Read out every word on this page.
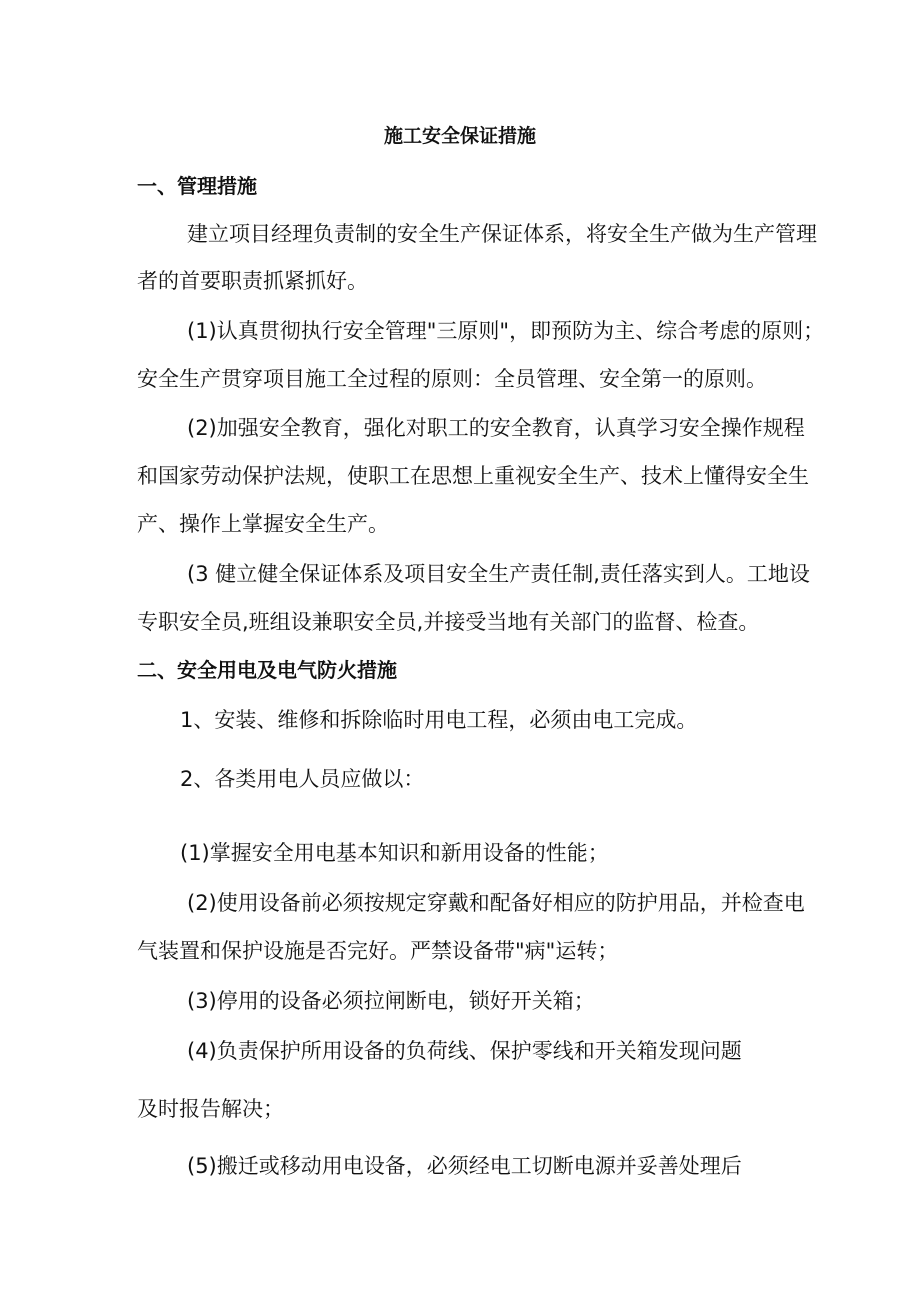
施工安全保证措施
一、管理措施
建立项目经理负责制的安全生产保证体系，将安全生产做为生产管理
者的首要职责抓紧抓好。
(1)认真贯彻执行安全管理"三原则"，即预防为主、综合考虑的原则；
安全生产贯穿项目施工全过程的原则：全员管理、安全第一的原则。
(2)加强安全教育，强化对职工的安全教育，认真学习安全操作规程
和国家劳动保护法规，使职工在思想上重视安全生产、技术上懂得安全生
产、操作上掌握安全生产。
(3 健立健全保证体系及项目安全生产责任制,责任落实到人。工地设
专职安全员,班组设兼职安全员,并接受当地有关部门的监督、检查。
二、安全用电及电气防火措施
1、安装、维修和拆除临时用电工程，必须由电工完成。
2、各类用电人员应做以：
(1)掌握安全用电基本知识和新用设备的性能；
(2)使用设备前必须按规定穿戴和配备好相应的防护用品，并检查电
气装置和保护设施是否完好。严禁设备带"病"运转；
(3)停用的设备必须拉闸断电，锁好开关箱；
(4)负责保护所用设备的负荷线、保护零线和开关箱发现问题
及时报告解决；
(5)搬迁或移动用电设备，必须经电工切断电源并妥善处理后
